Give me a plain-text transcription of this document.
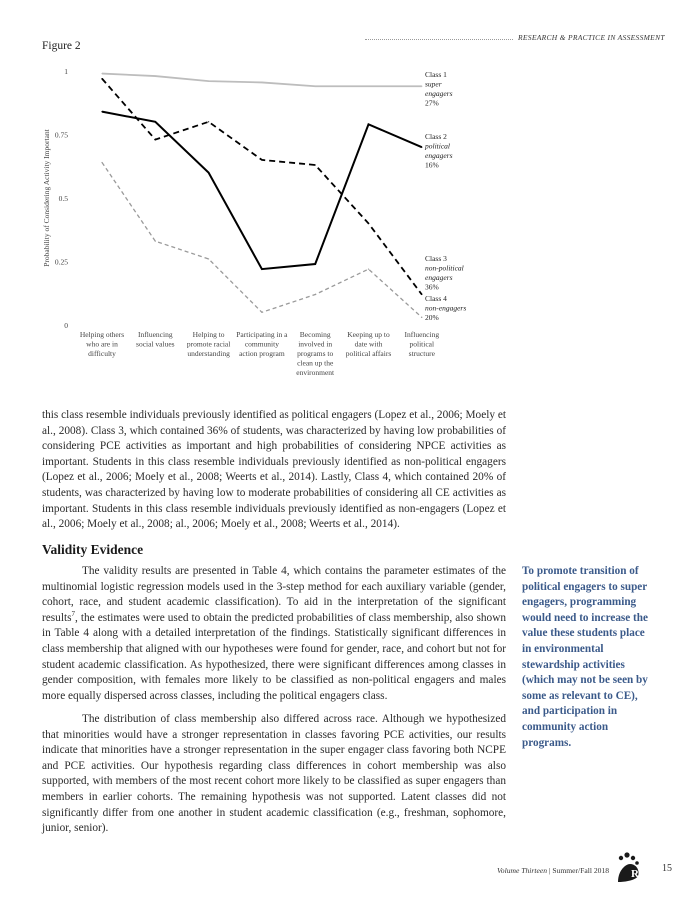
RESEARCH & PRACTICE IN ASSESSMENT
Figure 2
0
0.25
0.5
0.75
1
Probability of Considering Activity Important
Helping others who are in difficulty
Influencing social values
Helping to promote racial understanding
Participating in a community action program
Becoming involved in programs to clean up the environment
Keeping up to date with political affairs
Influencing political structure
Class 1
super
engagers
27%
Class 2
political
engagers
16%
Class 3
non-political
engagers
36%
Class 4
non-engagers
20%

this class resemble individuals previously identified as political engagers (Lopez et al., 2006; Moely et al., 2008). Class 3, which contained 36% of students, was characterized by having low probabilities of considering PCE activities as important and high probabilities of considering NPCE activities as important. Students in this class resemble individuals previously identified as non-political engagers (Lopez et al., 2006; Moely et al., 2008; Weerts et al., 2014). Lastly, Class 4, which contained 20% of students, was characterized by having low to moderate probabilities of considering all CE activities as important. Students in this class resemble individuals previously identified as non-engagers (Lopez et al., 2006; Moely et al., 2008; al., 2006; Moely et al., 2008; Weerts et al., 2014).

Validity Evidence

The validity results are presented in Table 4, which contains the parameter estimates of the multinomial logistic regression models used in the 3-step method for each auxiliary variable (gender, cohort, race, and student academic classification). To aid in the interpretation of the significant results$^7$, the estimates were used to obtain the predicted probabilities of class membership, also shown in Table 4 along with a detailed interpretation of the findings. Statistically significant differences in class membership that aligned with our hypotheses were found for gender, race, and cohort but not for student academic classification. As hypothesized, there were significant differences among classes in gender composition, with females more likely to be classified as non-political engagers and males more equally dispersed across classes, including the political engagers class.

The distribution of class membership also differed across race. Although we hypothesized that minorities would have a stronger representation in classes favoring PCE activities, our results indicate that minorities have a stronger representation in the super engager class favoring both NCPE and PCE activities. Our hypothesis regarding class differences in cohort membership was also supported, with members of the most recent cohort more likely to be classified as super engagers than members in earlier cohorts. The remaining hypothesis was not supported. Latent classes did not significantly differ from one another in student academic classification (e.g., freshman, sophomore, junior, senior).

To promote transition of political engagers to super engagers, programming would need to increase the value these students place in environmental stewardship activities (which may not be seen by some as relevant to CE), and participation in community action programs.
Volume Thirteen | Summer/Fall 2018 RPA 15
